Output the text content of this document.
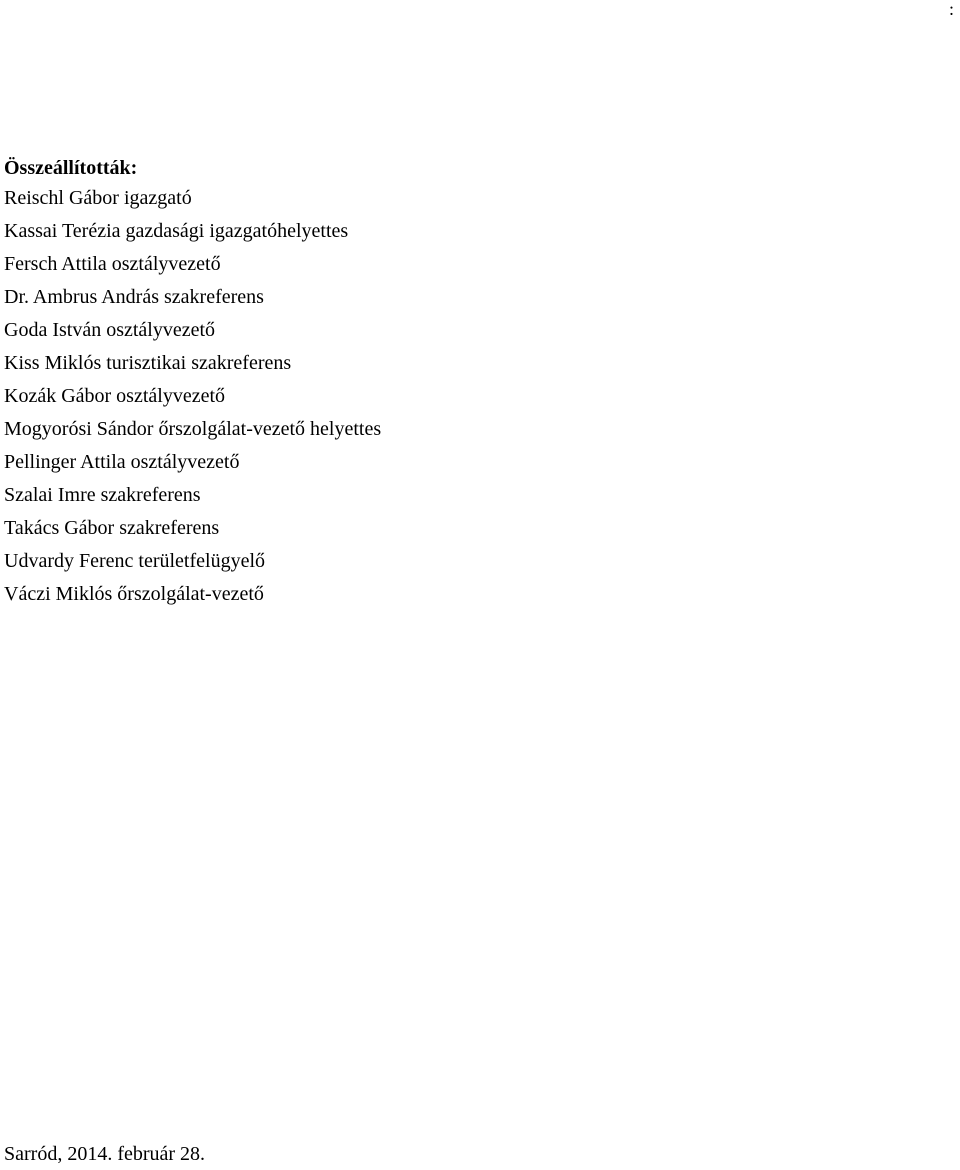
:
Összeállították:
Reischl Gábor igazgató
Kassai Terézia gazdasági igazgatóhelyettes
Fersch Attila osztályvezető
Dr. Ambrus András szakreferens
Goda István osztályvezető
Kiss Miklós turisztikai szakreferens
Kozák Gábor osztályvezető
Mogyorósi Sándor őrszolgálat-vezető helyettes
Pellinger Attila osztályvezető
Szalai Imre szakreferens
Takács Gábor szakreferens
Udvardy Ferenc területfelügyelő
Váczi Miklós őrszolgálat-vezető
Sarród, 2014. február 28.
